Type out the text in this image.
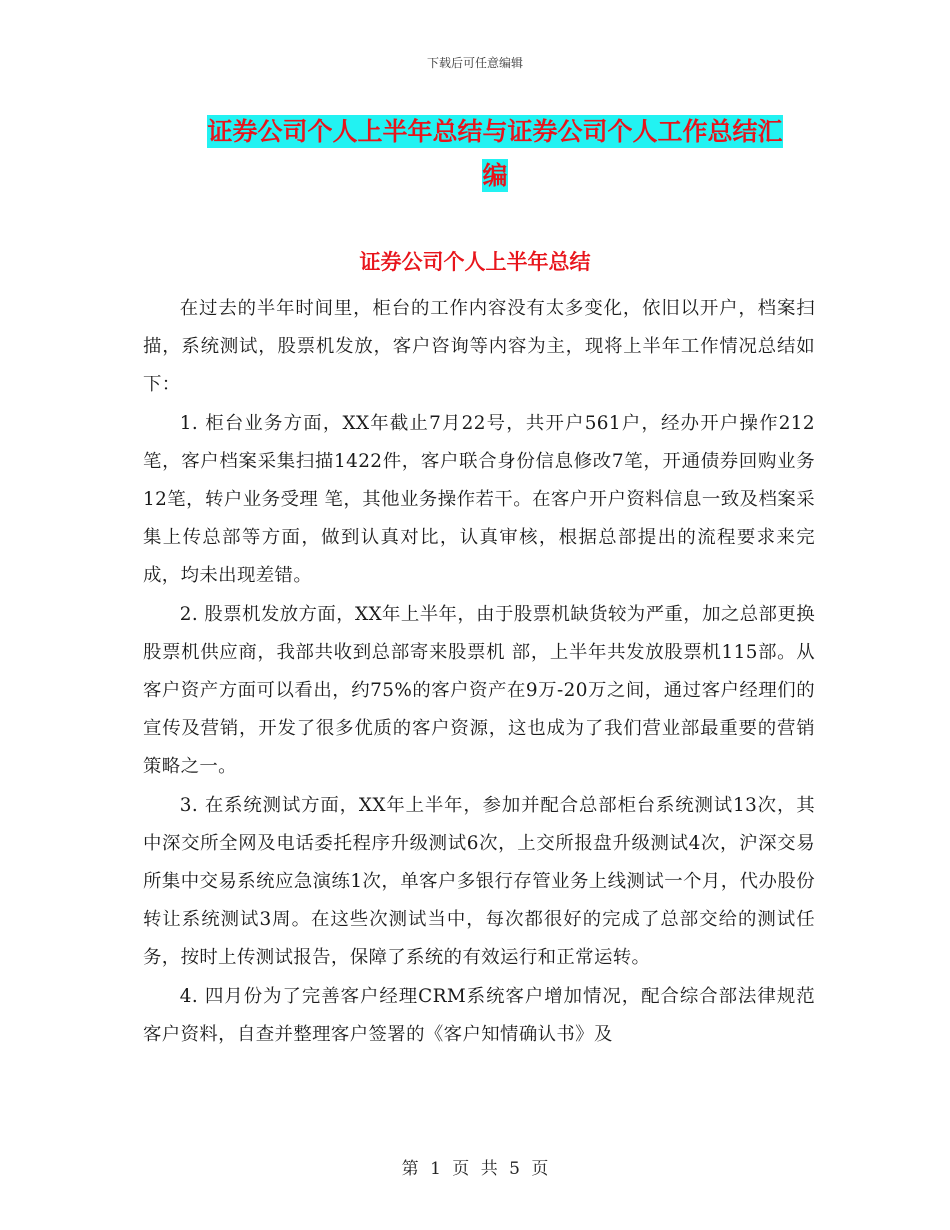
下载后可任意编辑
证券公司个人上半年总结与证券公司个人工作总结汇
编
证券公司个人上半年总结

在过去的半年时间里，柜台的工作内容没有太多变化，依旧以开户，档案扫描，系统测试，股票机发放，客户咨询等内容为主，现将上半年工作情况总结如下：

1. 柜台业务方面，XX年截止7月22号，共开户561户，经办开户操作212笔，客户档案采集扫描1422件，客户联合身份信息修改7笔，开通债券回购业务12笔，转户业务受理 笔，其他业务操作若干。在客户开户资料信息一致及档案采集上传总部等方面，做到认真对比，认真审核，根据总部提出的流程要求来完成，均未出现差错。

2. 股票机发放方面，XX年上半年，由于股票机缺货较为严重，加之总部更换股票机供应商，我部共收到总部寄来股票机 部，上半年共发放股票机115部。从客户资产方面可以看出，约75%的客户资产在9万-20万之间，通过客户经理们的宣传及营销，开发了很多优质的客户资源，这也成为了我们营业部最重要的营销策略之一。

3. 在系统测试方面，XX年上半年，参加并配合总部柜台系统测试13次，其中深交所全网及电话委托程序升级测试6次，上交所报盘升级测试4次，沪深交易所集中交易系统应急演练1次，单客户多银行存管业务上线测试一个月，代办股份转让系统测试3周。在这些次测试当中，每次都很好的完成了总部交给的测试任务，按时上传测试报告，保障了系统的有效运行和正常运转。

4. 四月份为了完善客户经理CRM系统客户增加情况，配合综合部法律规范客户资料，自查并整理客户签署的《客户知情确认书》及

第 1 页 共 5 页
